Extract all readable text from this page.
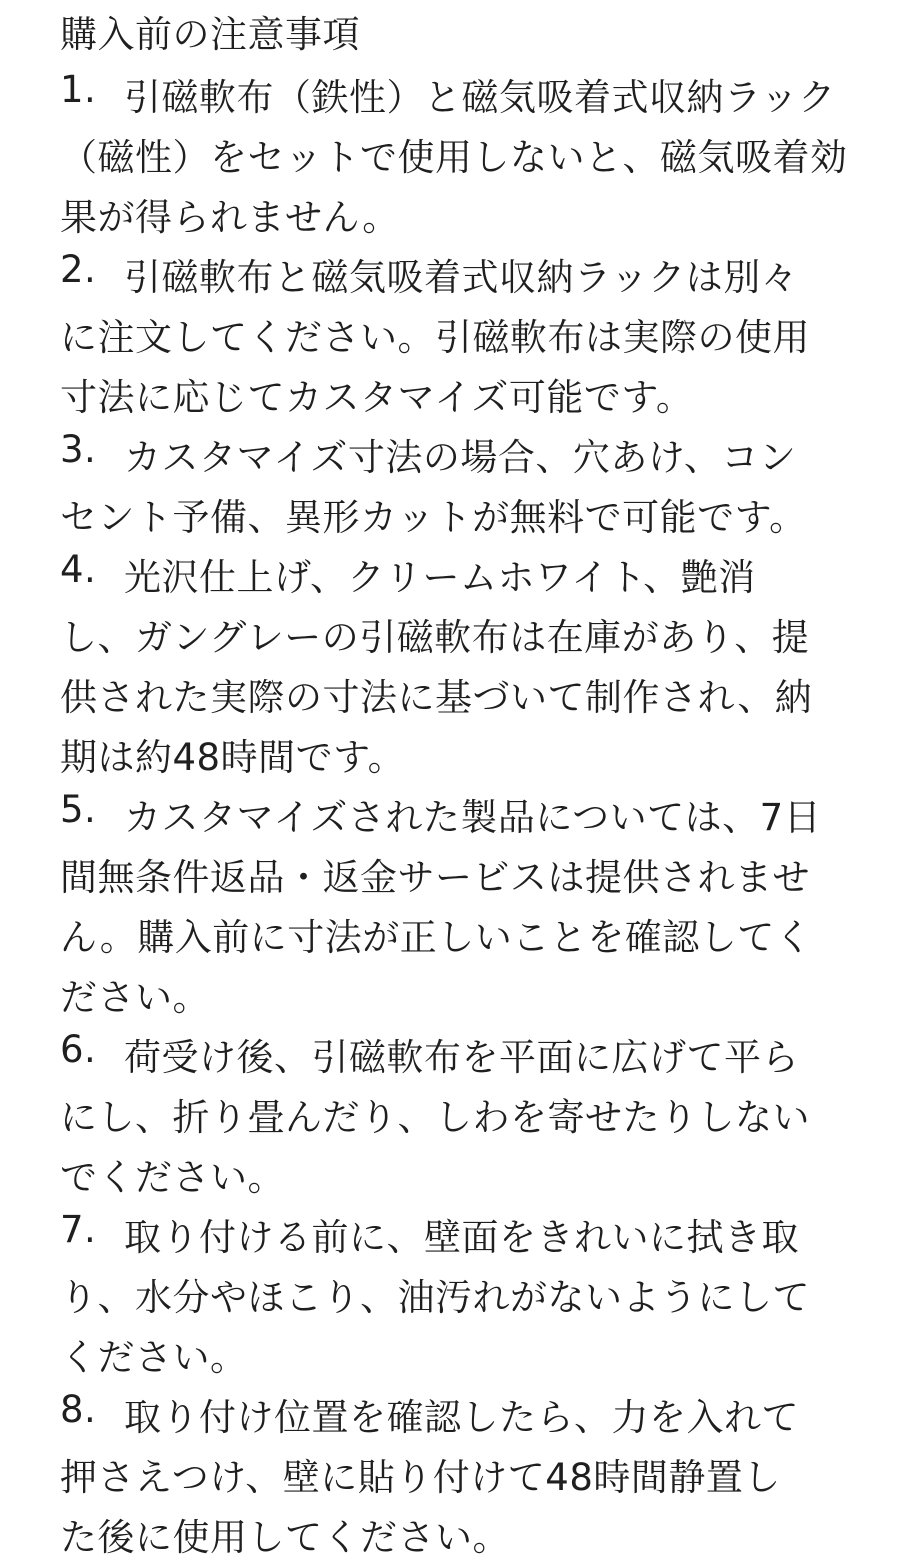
購入前の注意事項
1. 引磁軟布（鉄性）と磁気吸着式収納ラック
（磁性）をセットで使用しないと、磁気吸着効
果が得られません。
2. 引磁軟布と磁気吸着式収納ラックは別々
に注文してください。引磁軟布は実際の使用
寸法に応じてカスタマイズ可能です。
3. カスタマイズ寸法の場合、穴あけ、コン
セント予備、異形カットが無料で可能です。
4. 光沢仕上げ、クリームホワイト、艶消
し、ガングレーの引磁軟布は在庫があり、提
供された実際の寸法に基づいて制作され、納
期は約48時間です。
5. カスタマイズされた製品については、7日
間無条件返品・返金サービスは提供されませ
ん。購入前に寸法が正しいことを確認してく
ださい。
6. 荷受け後、引磁軟布を平面に広げて平ら
にし、折り畳んだり、しわを寄せたりしない
でください。
7. 取り付ける前に、壁面をきれいに拭き取
り、水分やほこり、油汚れがないようにして
ください。
8. 取り付け位置を確認したら、力を入れて
押さえつけ、壁に貼り付けて48時間静置し
た後に使用してください。
